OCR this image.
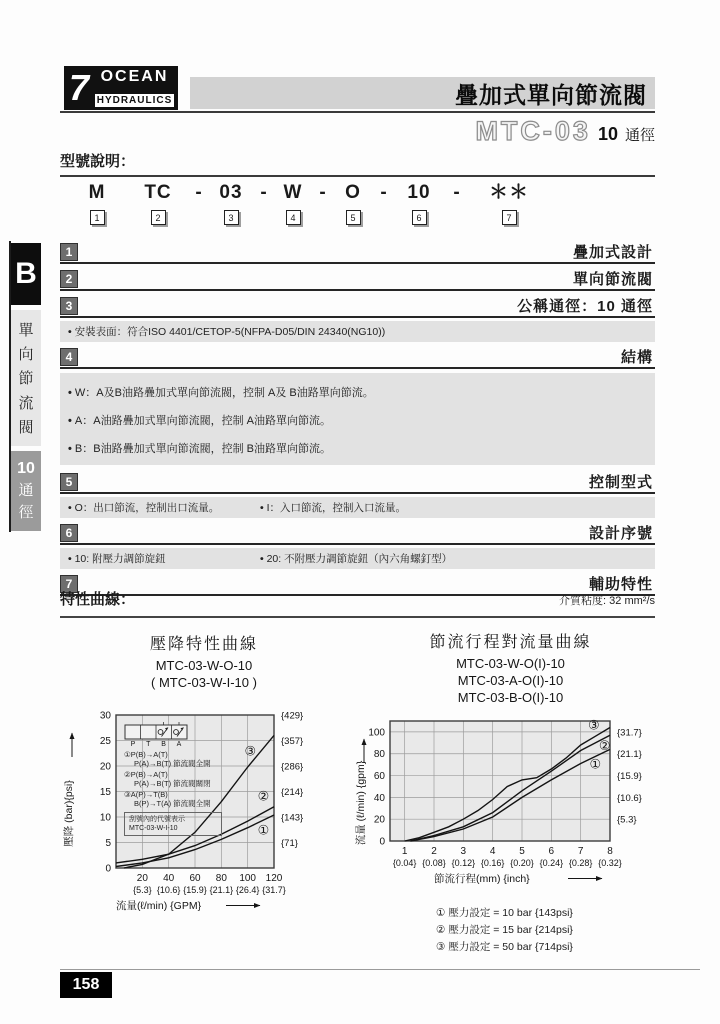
7 OCEAN
HYDRAULICS	疊加式單向節流閥
MTC-03 10 通徑
B
單
向
節
流
閥
10
通
徑
型號說明：
M
1
TC
2
- 03
3
- W
4
- O
5
- 10
6
- ＊＊
7
1	疊加式設計
2	單向節流閥
3	公稱通徑：10 通徑
• 安裝表面：符合ISO 4401/CETOP-5(NFPA-D05/DIN 24340(NG10))
4	結構
• W：A及B油路疊加式單向節流閥，控制 A及 B油路單向節流。
• A：A油路疊加式單向節流閥，控制 A油路單向節流。
• B：B油路疊加式單向節流閥，控制 B油路單向節流。
5	控制型式
• O：出口節流，控制出口流量。	• I：入口節流，控制入口流量。
6	設計序號
• 10: 附壓力調節旋鈕	• 20: 不附壓力調節旋鈕（內六角螺釘型）
7	輔助特性
特性曲線：	介質粘度: 32 mm²/s
壓降特性曲線
MTC-03-W-O-10
( MTC-03-W-I-10 )
①
②
③
0
5
10
15
20
25
30
{71}
{143}
{214}
{286}
{357}
{429}
20 40 60 80 100 120
{5.3} {10.6} {15.9} {21.1} {26.4} {31.7}
流量(ℓ/min) {GPM}
壓降 (bar){psi}
P T B A
①P(B)→A(T)
P(A)→B(T) 節流閥全開
②P(B)→A(T)
P(A)→B(T) 節流閥關閉
③A(P)→T(B)
B(P)→T(A) 節流閥全開
刮號內的代號表示
MTC-03-W-I-10
節流行程對流量曲線
MTC-03-W-O(I)-10
MTC-03-A-O(I)-10
MTC-03-B-O(I)-10
①
②
③
0
20
40
60
80
100
{5.3}
{10.6}
{15.9}
{21.1}
{31.7}
1 2 3 4 5 6 7 8
{0.04} {0.08} {0.12} {0.16} {0.20} {0.24} {0.28} {0.32}
節流行程(mm) {inch}
流量 (ℓ/min) {gpm}
① 壓力設定 = 10 bar {143psi}
② 壓力設定 = 15 bar {214psi}
③ 壓力設定 = 50 bar {714psi}
158
